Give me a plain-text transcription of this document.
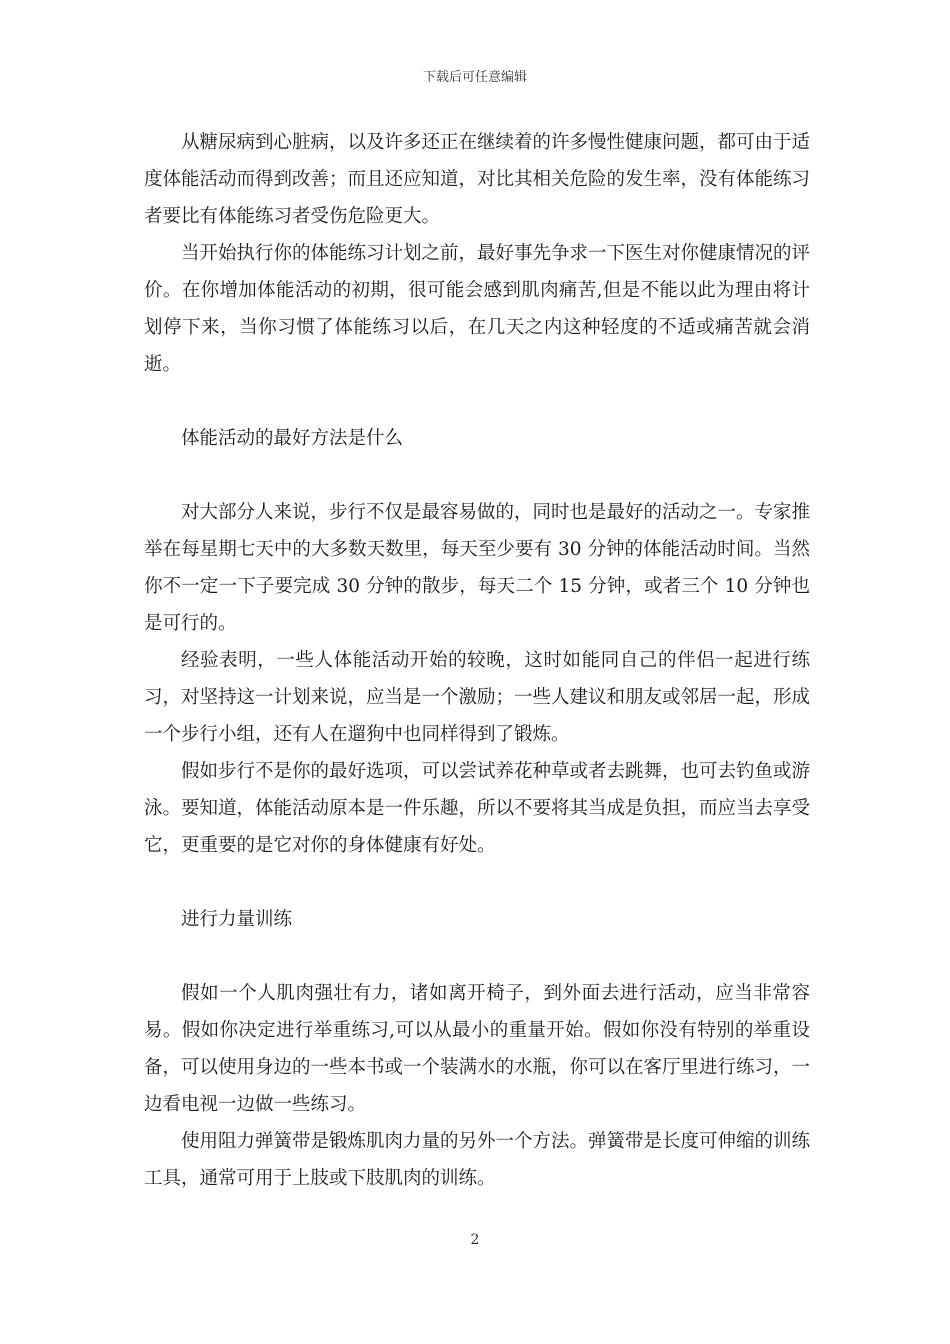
下载后可任意编辑

从糖尿病到心脏病，以及许多还正在继续着的许多慢性健康问题，都可由于适度体能活动而得到改善；而且还应知道，对比其相关危险的发生率，没有体能练习者要比有体能练习者受伤危险更大。

当开始执行你的体能练习计划之前，最好事先争求一下医生对你健康情况的评价。在你增加体能活动的初期，很可能会感到肌肉痛苦,但是不能以此为理由将计划停下来，当你习惯了体能练习以后，在几天之内这种轻度的不适或痛苦就会消逝。

体能活动的最好方法是什么

对大部分人来说，步行不仅是最容易做的，同时也是最好的活动之一。专家推举在每星期七天中的大多数天数里，每天至少要有 30 分钟的体能活动时间。当然你不一定一下子要完成 30 分钟的散步，每天二个 15 分钟，或者三个 10 分钟也是可行的。

经验表明，一些人体能活动开始的较晚，这时如能同自己的伴侣一起进行练习，对坚持这一计划来说，应当是一个激励；一些人建议和朋友或邻居一起，形成一个步行小组，还有人在遛狗中也同样得到了锻炼。

假如步行不是你的最好选项，可以尝试养花种草或者去跳舞，也可去钓鱼或游泳。要知道，体能活动原本是一件乐趣，所以不要将其当成是负担，而应当去享受它，更重要的是它对你的身体健康有好处。

进行力量训练

假如一个人肌肉强壮有力，诸如离开椅子，到外面去进行活动，应当非常容易。假如你决定进行举重练习,可以从最小的重量开始。假如你没有特别的举重设备，可以使用身边的一些本书或一个装满水的水瓶，你可以在客厅里进行练习，一边看电视一边做一些练习。

使用阻力弹簧带是锻炼肌肉力量的另外一个方法。弹簧带是长度可伸缩的训练工具，通常可用于上肢或下肢肌肉的训练。

2
